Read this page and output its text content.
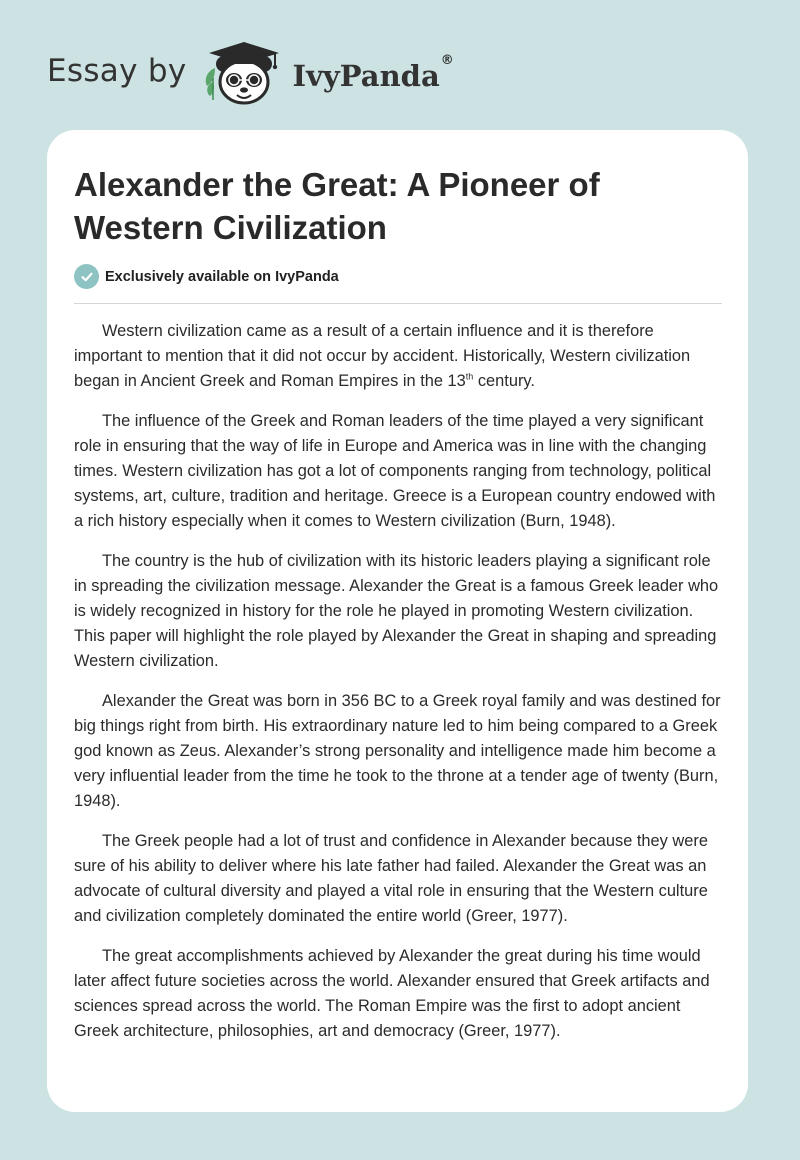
Essay by	IvyPanda®
Alexander the Great: A Pioneer of Western Civilization
Exclusively available on IvyPanda

Western civilization came as a result of a certain influence and it is therefore important to mention that it did not occur by accident. Historically, Western civilization began in Ancient Greek and Roman Empires in the 13th century.

The influence of the Greek and Roman leaders of the time played a very significant role in ensuring that the way of life in Europe and America was in line with the changing times. Western civilization has got a lot of components ranging from technology, political systems, art, culture, tradition and heritage. Greece is a European country endowed with a rich history especially when it comes to Western civilization (Burn, 1948).

The country is the hub of civilization with its historic leaders playing a significant role in spreading the civilization message. Alexander the Great is a famous Greek leader who is widely recognized in history for the role he played in promoting Western civilization. This paper will highlight the role played by Alexander the Great in shaping and spreading Western civilization.

Alexander the Great was born in 356 BC to a Greek royal family and was destined for big things right from birth. His extraordinary nature led to him being compared to a Greek god known as Zeus. Alexander’s strong personality and intelligence made him become a very influential leader from the time he took to the throne at a tender age of twenty (Burn, 1948).

The Greek people had a lot of trust and confidence in Alexander because they were sure of his ability to deliver where his late father had failed. Alexander the Great was an advocate of cultural diversity and played a vital role in ensuring that the Western culture and civilization completely dominated the entire world (Greer, 1977).

The great accomplishments achieved by Alexander the great during his time would later affect future societies across the world. Alexander ensured that Greek artifacts and sciences spread across the world. The Roman Empire was the first to adopt ancient Greek architecture, philosophies, art and democracy (Greer, 1977).
